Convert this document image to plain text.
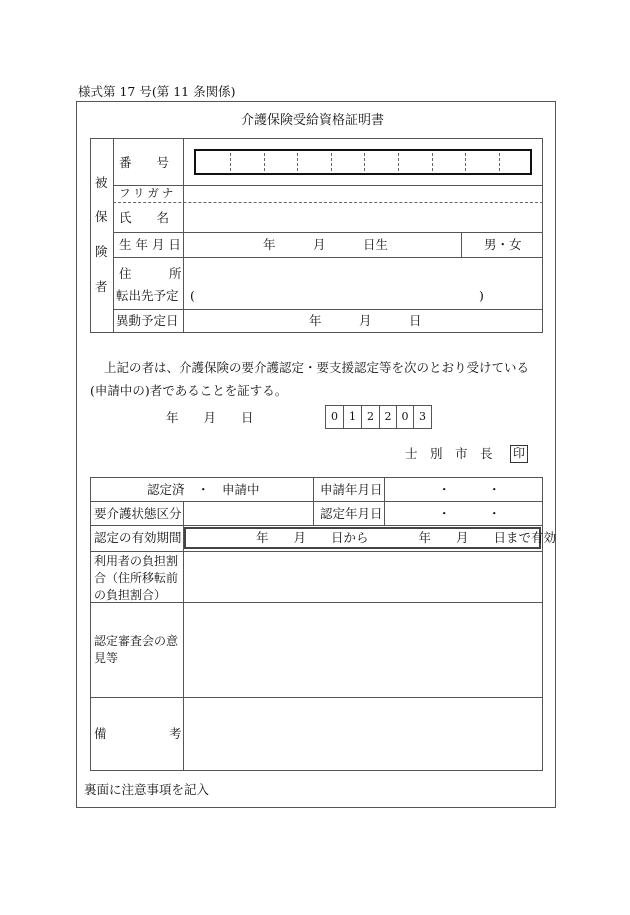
様式第 17 号(第 11 条関係)
介護保険受給資格証明書
被
保
険
者
番　　号
フリガナ
氏　　名
生 年 月 日	年　　　月　　　日生	男・女
住　　　所
転出先予定 (	)
異動予定日	年　　　月　　　日
上記の者は、介護保険の要介護認定・要支援認定等を次のとおり受けている(申請中の)者であることを証する。
年　　月　　日	0	1	2 2 0 3
士　別　市　長 印
認定済　・　申請中	申請年月日	・　　　・
要介護状態区分	認定年月日	・　　　・
認定の有効期間	年　　月　　日から　　　　年　　月　　日まで有効
利用者の負担割合（住所移転前の負担割合）
認定審査会の意見等
備　　　　　考
裏面に注意事項を記入
